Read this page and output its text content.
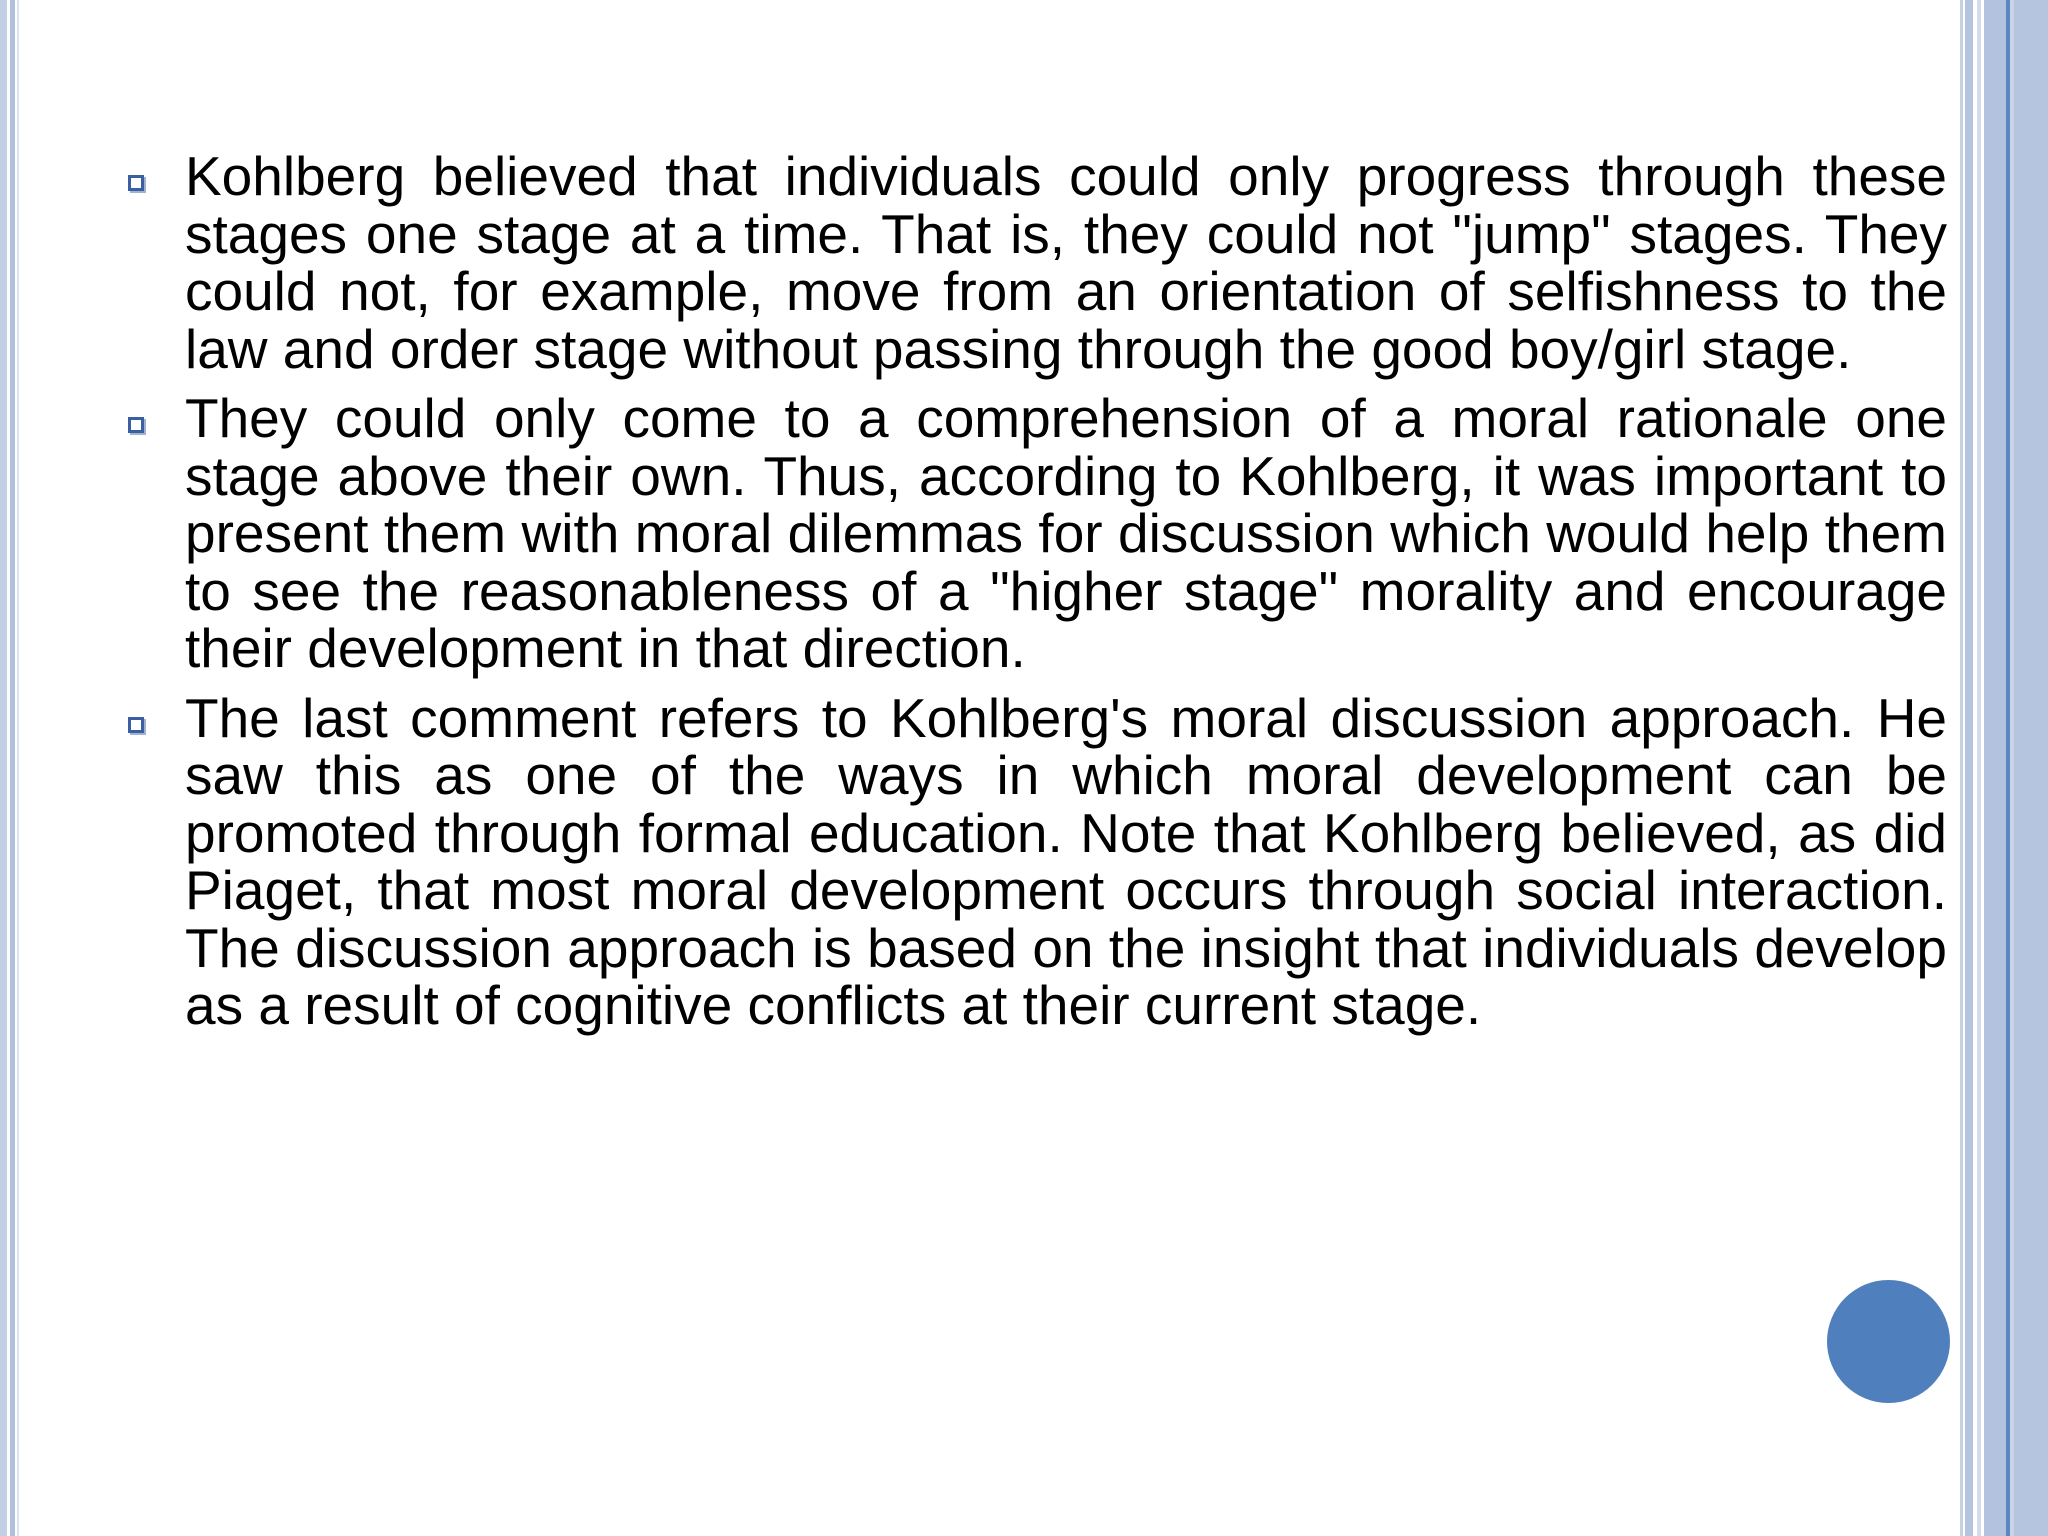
Kohlberg believed that individuals could only progress through these stages one stage at a time. That is, they could not "jump" stages. They could not, for example, move from an orientation of selfishness to the law and order stage without passing through the good boy/girl stage.
They could only come to a comprehension of a moral rationale one stage above their own. Thus, according to Kohlberg, it was important to present them with moral dilemmas for discussion which would help them to see the reasonableness of a "higher stage" morality and encourage their development in that direction.
The last comment refers to Kohlberg's moral discussion approach. He saw this as one of the ways in which moral development can be promoted through formal education. Note that Kohlberg believed, as did Piaget, that most moral development occurs through social interaction. The discussion approach is based on the insight that individuals develop as a result of cognitive conflicts at their current stage.
